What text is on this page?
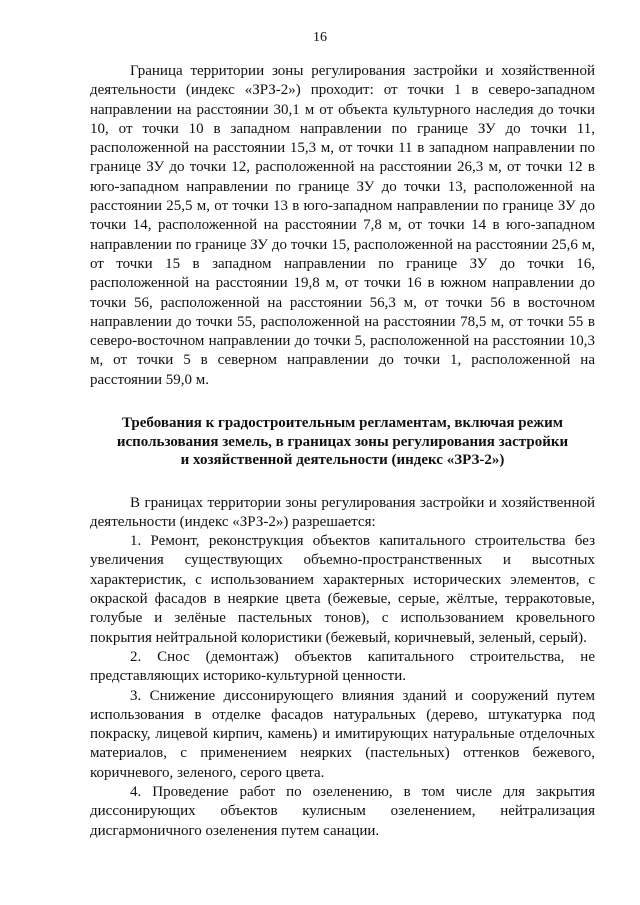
16

Граница территории зоны регулирования застройки и хозяйственной деятельности (индекс «ЗРЗ-2») проходит: от точки 1 в северо-западном направлении на расстоянии 30,1 м от объекта культурного наследия до точки 10, от точки 10 в западном направлении по границе ЗУ до точки 11, расположенной на расстоянии 15,3 м, от точки 11 в западном направлении по границе ЗУ до точки 12, расположенной на расстоянии 26,3 м, от точки 12 в юго-западном направлении по границе ЗУ до точки 13, расположенной на расстоянии 25,5 м, от точки 13 в юго-западном направлении по границе ЗУ до точки 14, расположенной на расстоянии 7,8 м, от точки 14 в юго-западном направлении по границе ЗУ до точки 15, расположенной на расстоянии 25,6 м, от точки 15 в западном направлении по границе ЗУ до точки 16, расположенной на расстоянии 19,8 м, от точки 16 в южном направлении до точки 56, расположенной на расстоянии 56,3 м, от точки 56 в восточном направлении до точки 55, расположенной на расстоянии 78,5 м, от точки 55 в северо-восточном направлении до точки 5, расположенной на расстоянии 10,3 м, от точки 5 в северном направлении до точки 1, расположенной на расстоянии 59,0 м.

Требования к градостроительным регламентам, включая режим
использования земель, в границах зоны регулирования застройки
и хозяйственной деятельности (индекс «ЗРЗ-2»)

В границах территории зоны регулирования застройки и хозяйственной деятельности (индекс «ЗРЗ-2») разрешается:

1. Ремонт, реконструкция объектов капитального строительства без увеличения существующих объемно-пространственных и высотных характеристик, с использованием характерных исторических элементов, с окраской фасадов в неяркие цвета (бежевые, серые, жёлтые, терракотовые, голубые и зелёные пастельных тонов), с использованием кровельного покрытия нейтральной колористики (бежевый, коричневый, зеленый, серый).

2. Снос (демонтаж) объектов капитального строительства, не представляющих историко-культурной ценности.

3. Снижение диссонирующего влияния зданий и сооружений путем использования в отделке фасадов натуральных (дерево, штукатурка под покраску, лицевой кирпич, камень) и имитирующих натуральные отделочных материалов, с применением неярких (пастельных) оттенков бежевого, коричневого, зеленого, серого цвета.

4. Проведение работ по озеленению, в том числе для закрытия диссонирующих объектов кулисным озеленением, нейтрализация дисгармоничного озеленения путем санации.
